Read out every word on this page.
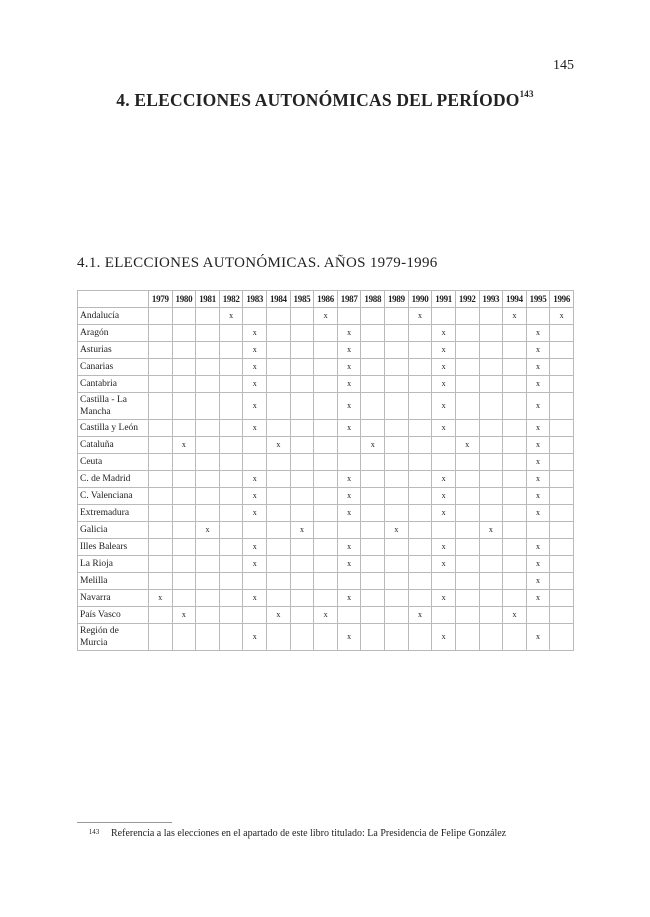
145
4. ELECCIONES AUTONÓMICAS DEL PERÍODO$^{143}$
4.1. ELECCIONES AUTONÓMICAS. AÑOS 1979-1996
	1979	1980	1981	1982	1983	1984	1985	1986	1987	1988	1989	1990	1991	1992	1993	1994	1995	1996
Andalucía				x				x				x				x		x
Aragón					x				x				x				x	
Asturias					x				x				x				x	
Canarias					x				x				x				x	
Cantabria					x				x				x				x	
Castilla - La Mancha					x				x				x				x	
Castilla y León					x				x				x				x	
Cataluña		x				x				x				x			x	
Ceuta																	x	
C. de Madrid					x				x				x				x	
C. Valenciana					x				x				x				x	
Extremadura					x				x				x				x	
Galicia			x				x				x				x			
Illes Balears					x				x				x				x	
La Rioja					x				x				x				x	
Melilla																	x	
Navarra	x				x				x				x				x	
País Vasco		x				x		x				x				x		
Región de Murcia					x				x				x				x	
143 Referencia a las elecciones en el apartado de este libro titulado: La Presidencia de Felipe González
